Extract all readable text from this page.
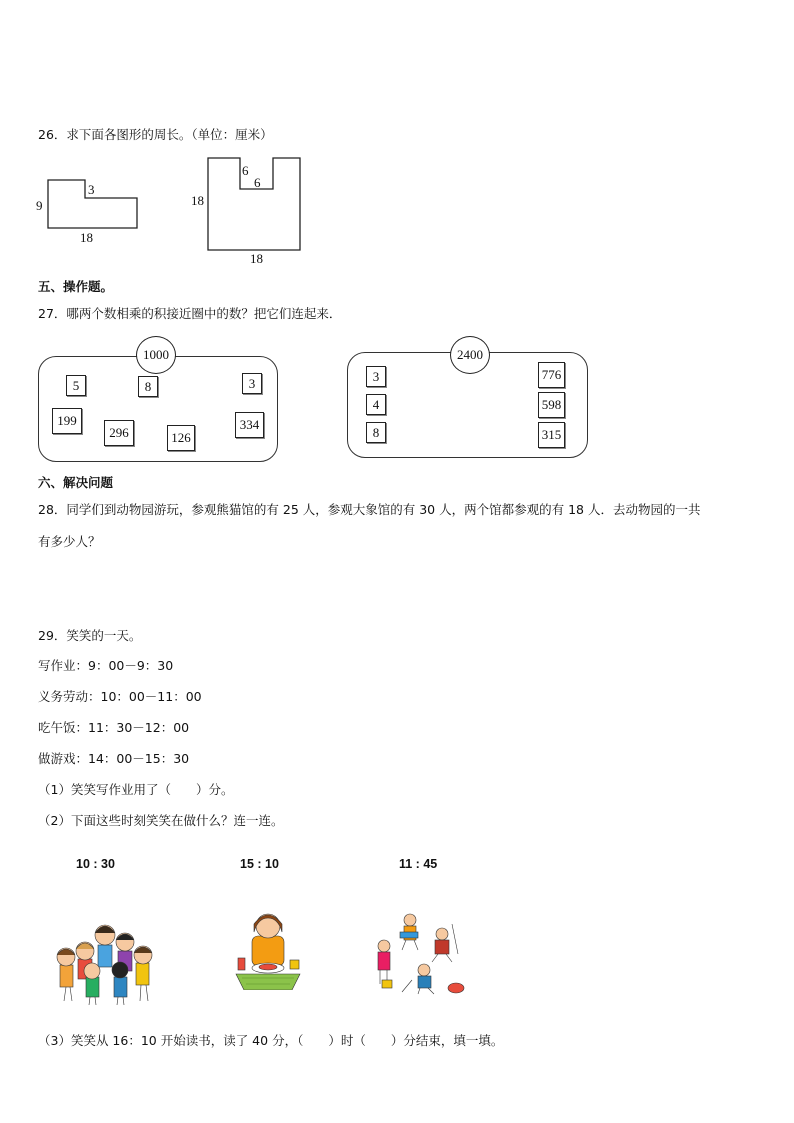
26．求下面各图形的周长。（单位：厘米）
9
3
18
18
6
6
18
五、操作题。
27．哪两个数相乘的积接近圈中的数？把它们连起来．
1000
5	8	3
199
296	126
334
2400
3
4
8
776
598
315
六、解决问题
28．同学们到动物园游玩，参观熊猫馆的有 25 人，参观大象馆的有 30 人，两个馆都参观的有 18 人．去动物园的一共
有多少人？
29．笑笑的一天。
写作业：9：00－9：30
义务劳动：10：00－11：00
吃午饭：11：30－12：00
做游戏：14：00－15：30
（1）笑笑写作业用了（　　）分。
（2）下面这些时刻笑笑在做什么？连一连。
10 : 30	15 : 10	11 : 45
（3）笑笑从 16：10 开始读书，读了 40 分，（　　）时（　　）分结束，填一填。
